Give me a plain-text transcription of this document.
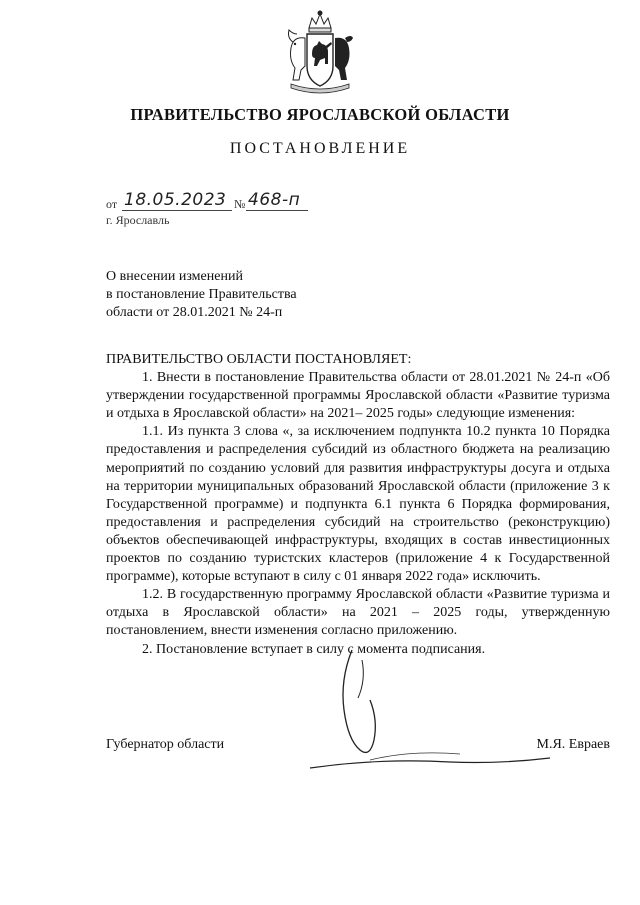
ПРАВИТЕЛЬСТВО ЯРОСЛАВСКОЙ ОБЛАСТИ
ПОСТАНОВЛЕНИЕ
от 18.05.2023 № 468-п
г. Ярославль
О внесении изменений
в постановление Правительства
области от 28.01.2021 № 24-п

ПРАВИТЕЛЬСТВО ОБЛАСТИ ПОСТАНОВЛЯЕТ:

1. Внести в постановление Правительства области от 28.01.2021 № 24-п «Об утверждении государственной программы Ярославской области «Развитие туризма и отдыха в Ярославской области» на 2021– 2025 годы» следующие изменения:

1.1. Из пункта 3 слова «, за исключением подпункта 10.2 пункта 10 Порядка предоставления и распределения субсидий из областного бюджета на реализацию мероприятий по созданию условий для развития инфраструктуры досуга и отдыха на территории муниципальных образований Ярославской области (приложение 3 к Государственной программе) и подпункта 6.1 пункта 6 Порядка формирования, предоставления и распределения субсидий на строительство (реконструкцию) объектов обеспечивающей инфраструктуры, входящих в состав инвестиционных проектов по созданию туристских кластеров (приложение 4 к Государственной программе), которые вступают в силу с 01 января 2022 года» исключить.

1.2. В государственную программу Ярославской области «Развитие туризма и отдыха в Ярославской области» на 2021 – 2025 годы, утвержденную постановлением, внести изменения согласно приложению.

2. Постановление вступает в силу с момента подписания.

Губернатор области	М.Я. Евраев
